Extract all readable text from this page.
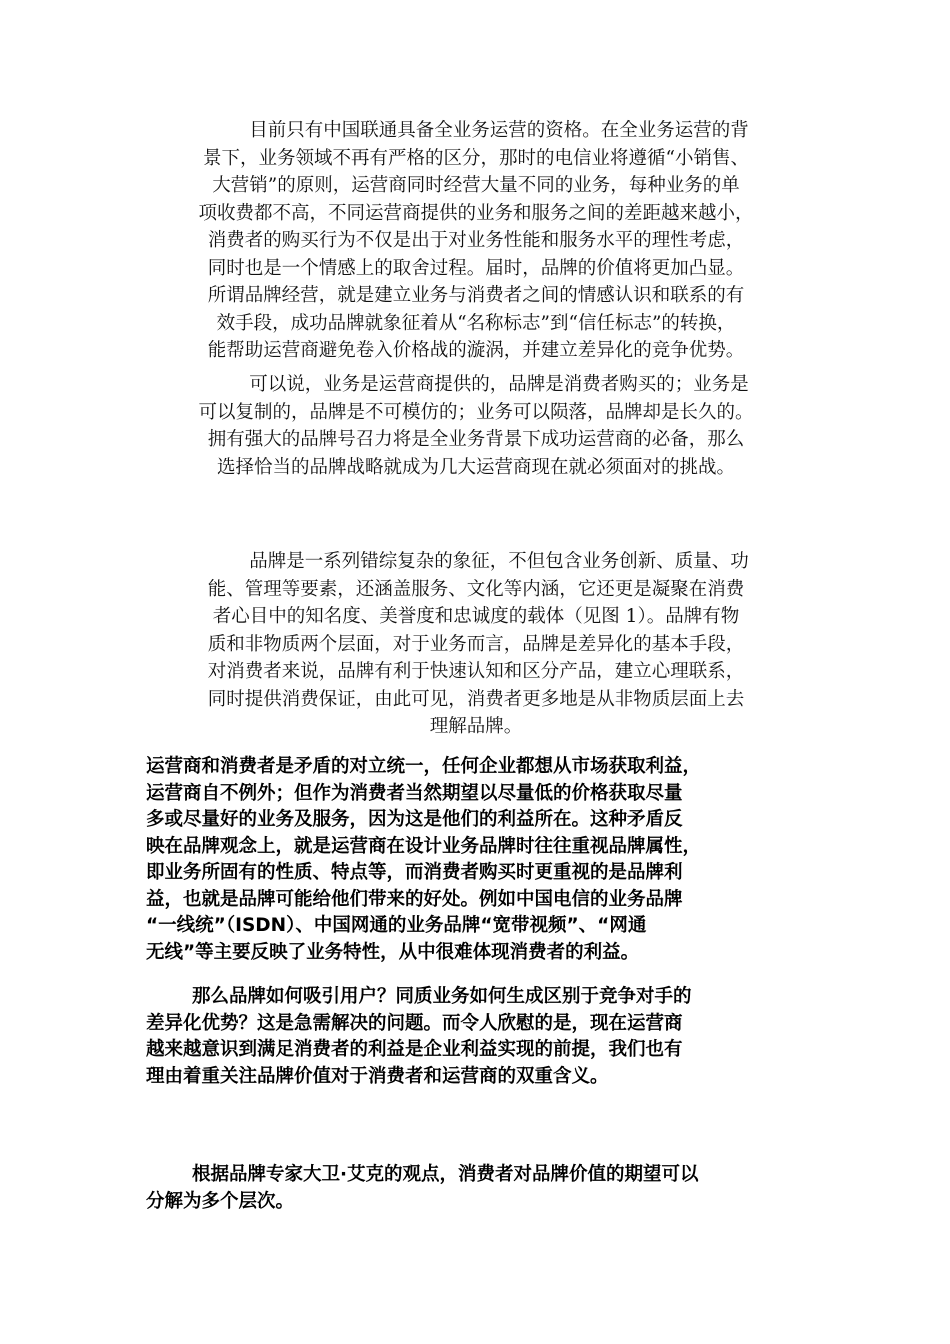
目前只有中国联通具备全业务运营的资格。在全业务运营的背
景下，业务领域不再有严格的区分，那时的电信业将遵循“小销售、
大营销”的原则，运营商同时经营大量不同的业务，每种业务的单
项收费都不高，不同运营商提供的业务和服务之间的差距越来越小，
消费者的购买行为不仅是出于对业务性能和服务水平的理性考虑，
同时也是一个情感上的取舍过程。届时，品牌的价值将更加凸显。
所谓品牌经营，就是建立业务与消费者之间的情感认识和联系的有
效手段，成功品牌就象征着从“名称标志”到“信任标志”的转换，
能帮助运营商避免卷入价格战的漩涡，并建立差异化的竞争优势。
可以说，业务是运营商提供的，品牌是消费者购买的；业务是
可以复制的，品牌是不可模仿的；业务可以陨落，品牌却是长久的。
拥有强大的品牌号召力将是全业务背景下成功运营商的必备，那么
选择恰当的品牌战略就成为几大运营商现在就必须面对的挑战。
品牌是一系列错综复杂的象征，不但包含业务创新、质量、功
能、管理等要素，还涵盖服务、文化等内涵，它还更是凝聚在消费
者心目中的知名度、美誉度和忠诚度的载体（见图 1）。品牌有物
质和非物质两个层面，对于业务而言，品牌是差异化的基本手段，
对消费者来说，品牌有利于快速认知和区分产品，建立心理联系，
同时提供消费保证，由此可见，消费者更多地是从非物质层面上去
理解品牌。
运营商和消费者是矛盾的对立统一，任何企业都想从市场获取利益，
运营商自不例外；但作为消费者当然期望以尽量低的价格获取尽量
多或尽量好的业务及服务，因为这是他们的利益所在。这种矛盾反
映在品牌观念上，就是运营商在设计业务品牌时往往重视品牌属性，
即业务所固有的性质、特点等，而消费者购买时更重视的是品牌利
益，也就是品牌可能给他们带来的好处。例如中国电信的业务品牌
“一线统”（ISDN）、中国网通的业务品牌“宽带视频”、“网通
无线”等主要反映了业务特性，从中很难体现消费者的利益。
那么品牌如何吸引用户？同质业务如何生成区别于竞争对手的
差异化优势？这是急需解决的问题。而令人欣慰的是，现在运营商
越来越意识到满足消费者的利益是企业利益实现的前提，我们也有
理由着重关注品牌价值对于消费者和运营商的双重含义。
根据品牌专家大卫·艾克的观点，消费者对品牌价值的期望可以
分解为多个层次。
